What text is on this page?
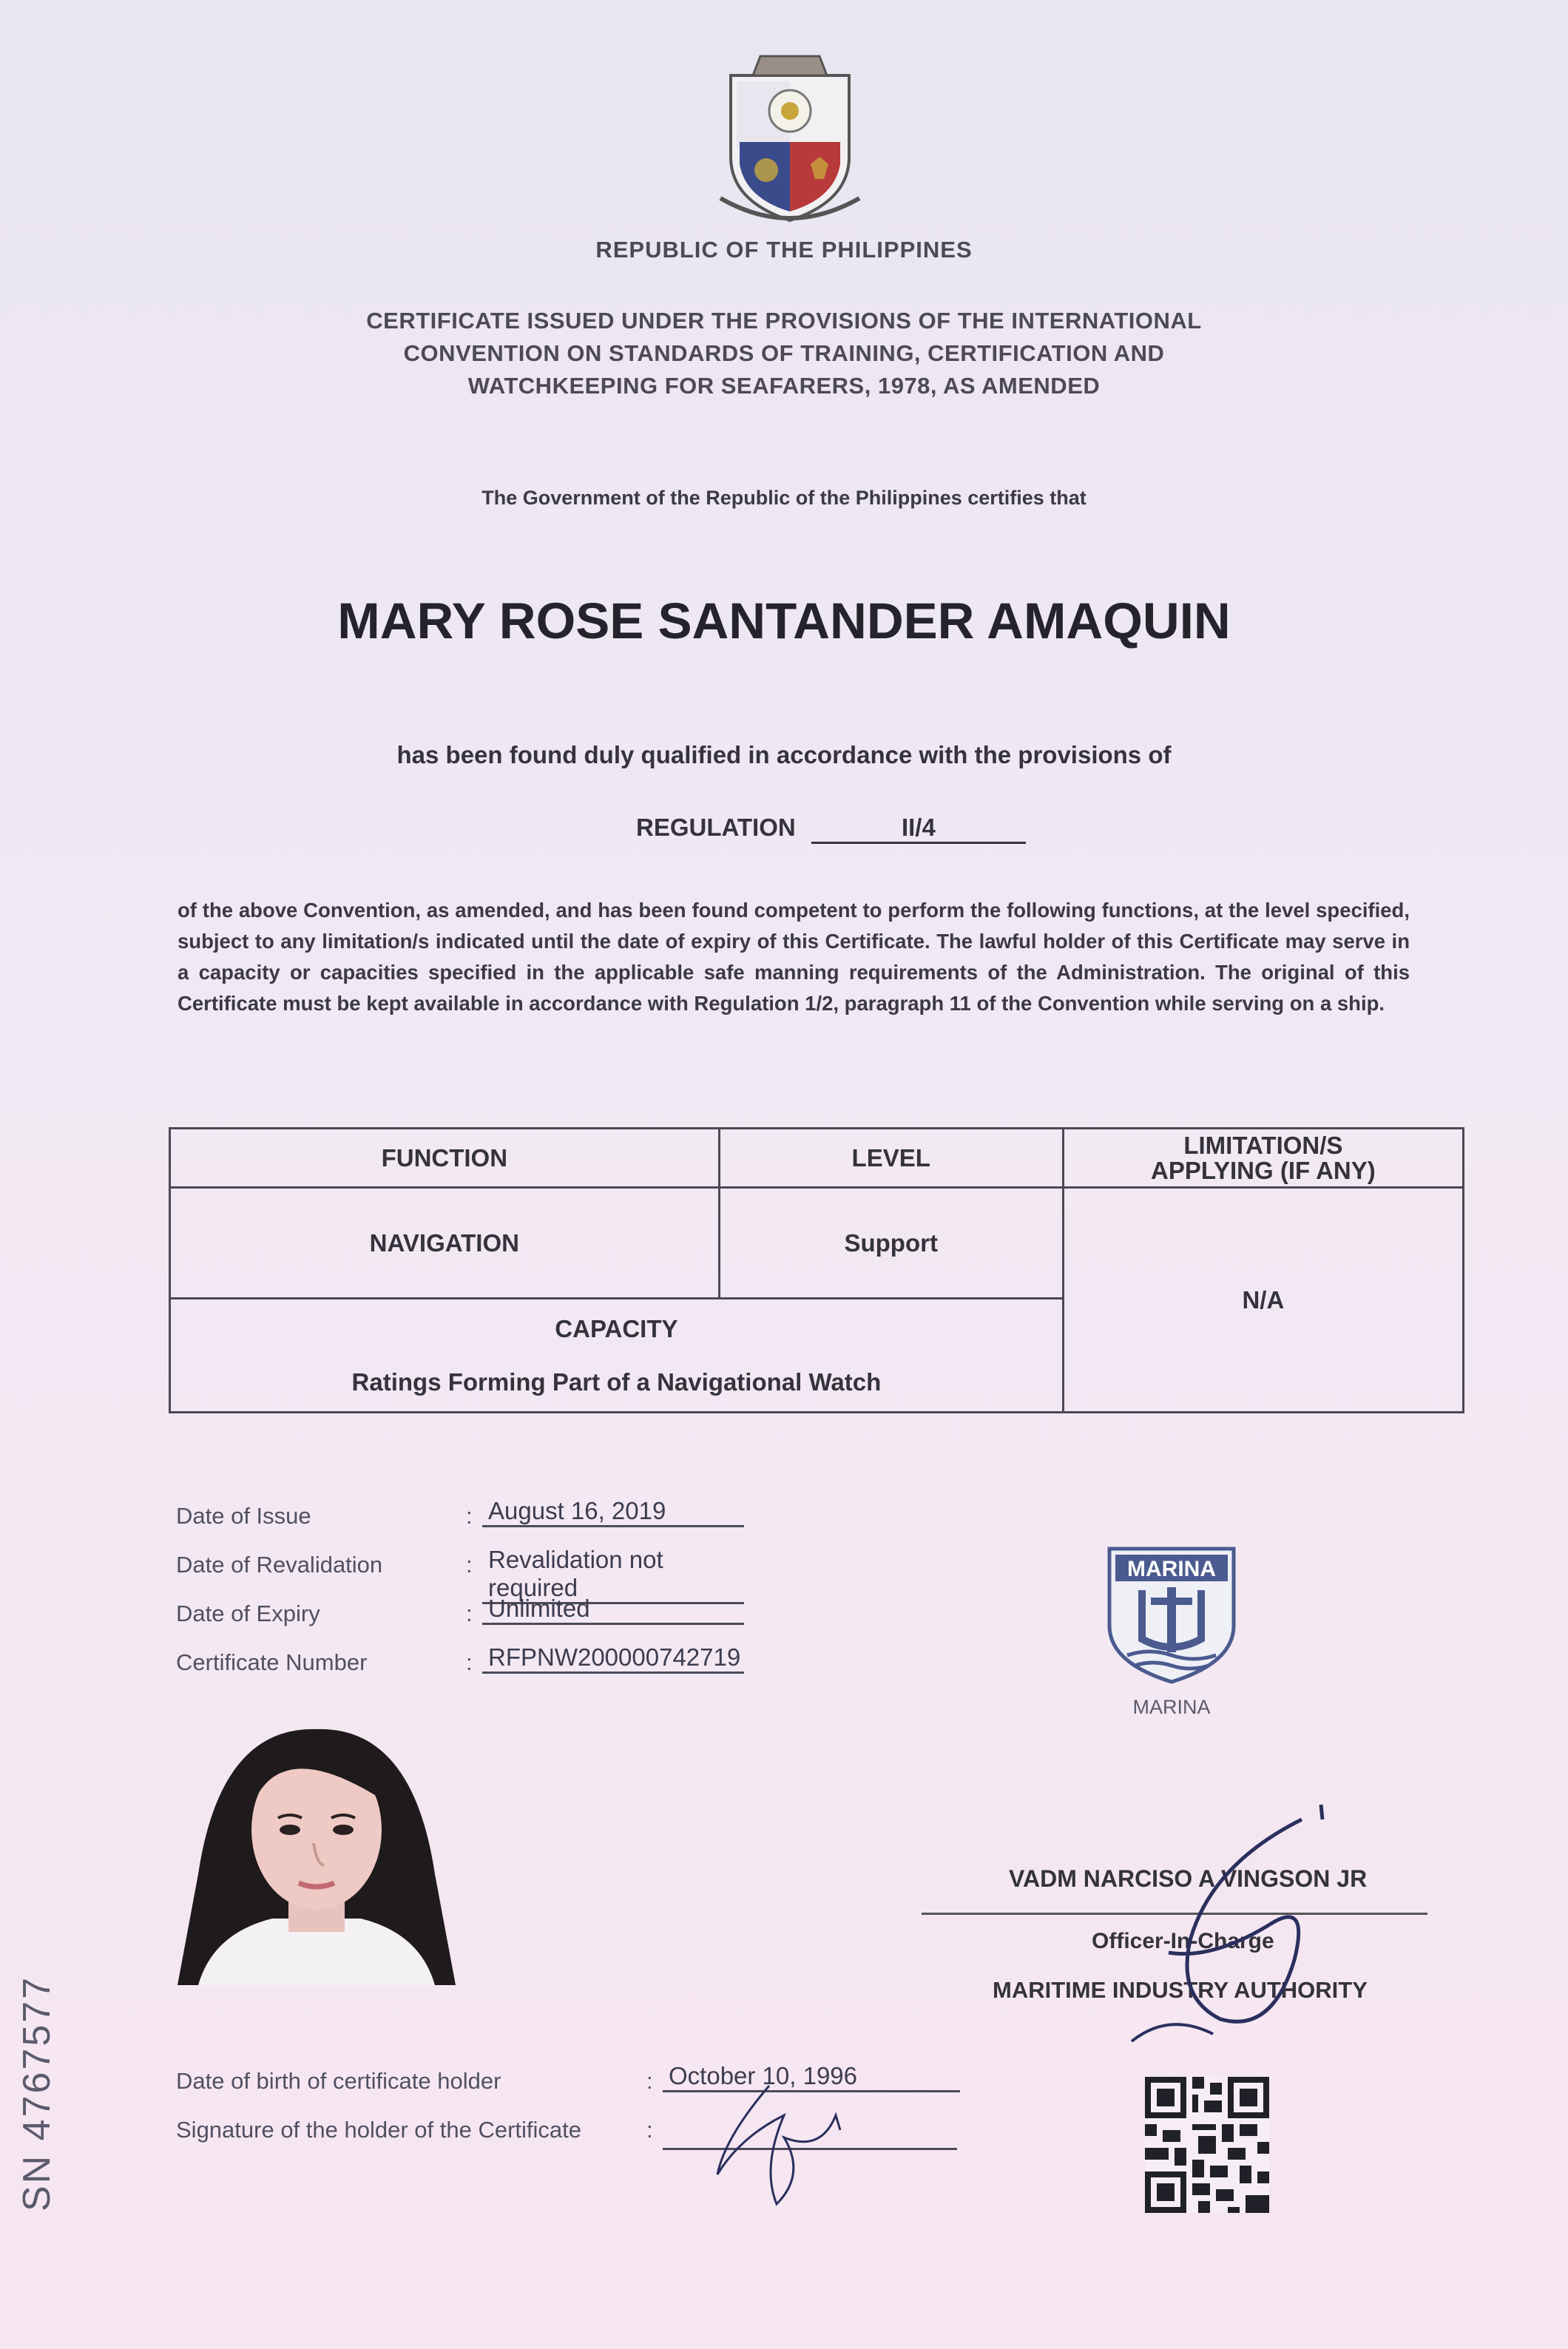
REPUBLIC OF THE PHILIPPINES
CERTIFICATE ISSUED UNDER THE PROVISIONS OF THE INTERNATIONAL
CONVENTION ON STANDARDS OF TRAINING, CERTIFICATION AND
WATCHKEEPING FOR SEAFARERS, 1978, AS AMENDED
The Government of the Republic of the Philippines certifies that
MARY ROSE SANTANDER AMAQUIN
has been found duly qualified in accordance with the provisions of
REGULATION	II/4
of the above Convention, as amended, and has been found competent to perform the following functions, at the level specified, subject to any limitation/s indicated until the date of expiry of this Certificate. The lawful holder of this Certificate may serve in a capacity or capacities specified in the applicable safe manning requirements of the Administration. The original of this Certificate must be kept available in accordance with Regulation 1/2, paragraph 11 of the Convention while serving on a ship.
FUNCTION	LEVEL	LIMITATION/S
APPLYING (IF ANY)

NAVIGATION	Support	N/A

CAPACITY
Ratings Forming Part of a Navigational Watch		
Date of Issue	: August 16, 2019
Date of Revalidation	: Revalidation not required
Date of Expiry	: Unlimited
Certificate Number	: RFPNW200000742719
MARINA
MARINA
VADM NARCISO A VINGSON JR
Officer-In-Charge
MARITIME INDUSTRY AUTHORITY
SN 4767577	Date of birth of certificate holder	: October 10, 1996
Signature of the holder of the Certificate	:
